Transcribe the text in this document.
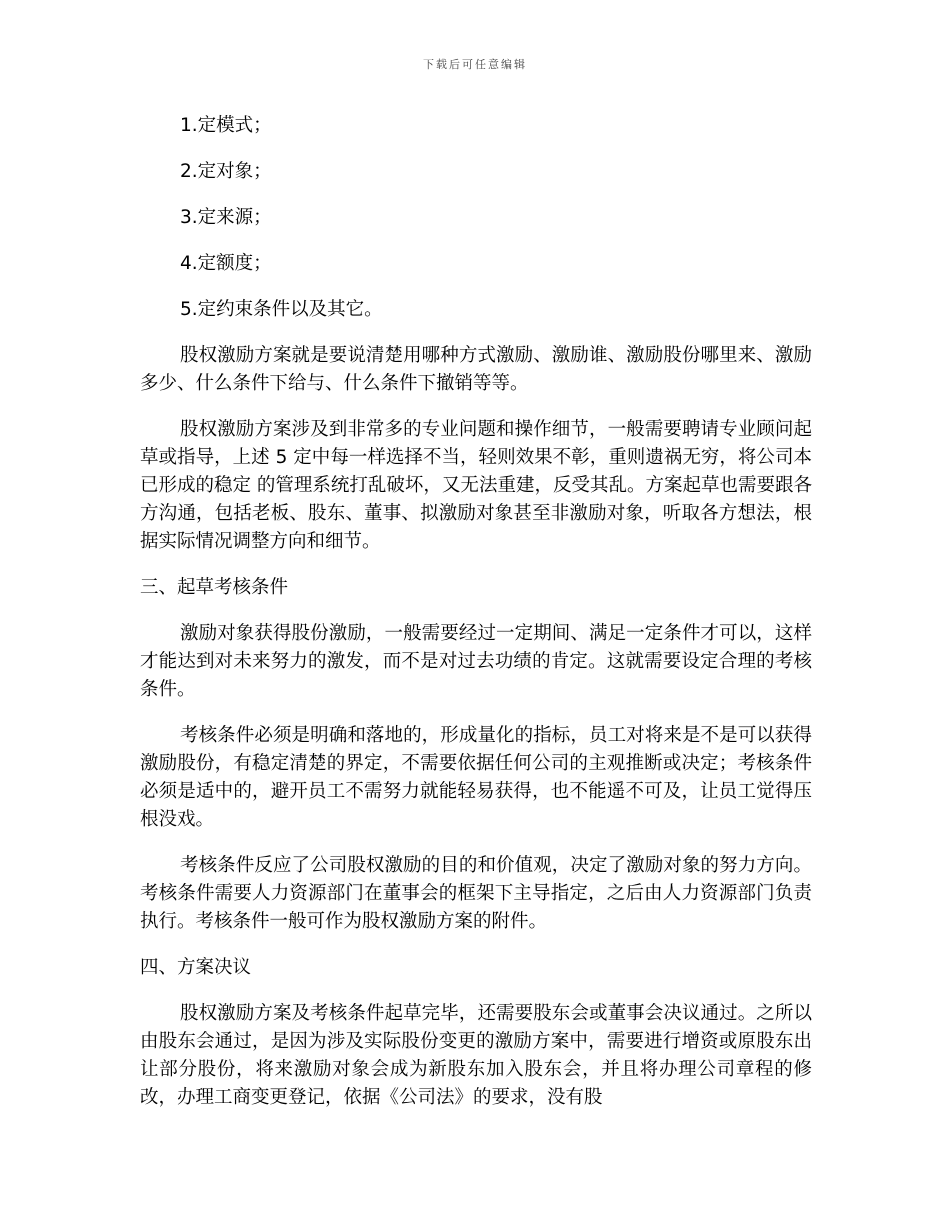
下载后可任意编辑
1.定模式；
2.定对象；
3.定来源；
4.定额度；
5.定约束条件以及其它。

股权激励方案就是要说清楚用哪种方式激励、激励谁、激励股份哪里来、激励多少、什么条件下给与、什么条件下撤销等等。

股权激励方案涉及到非常多的专业问题和操作细节，一般需要聘请专业顾问起草或指导，上述 5 定中每一样选择不当，轻则效果不彰，重则遗祸无穷，将公司本已形成的稳定 的管理系统打乱破坏，又无法重建，反受其乱。方案起草也需要跟各方沟通，包括老板、股东、董事、拟激励对象甚至非激励对象，听取各方想法，根据实际情况调整方向和细节。

三、起草考核条件

激励对象获得股份激励，一般需要经过一定期间、满足一定条件才可以，这样才能达到对未来努力的激发，而不是对过去功绩的肯定。这就需要设定合理的考核条件。

考核条件必须是明确和落地的，形成量化的指标，员工对将来是不是可以获得激励股份，有稳定清楚的界定，不需要依据任何公司的主观推断或决定；考核条件必须是适中的，避开员工不需努力就能轻易获得，也不能遥不可及，让员工觉得压根没戏。

考核条件反应了公司股权激励的目的和价值观，决定了激励对象的努力方向。考核条件需要人力资源部门在董事会的框架下主导指定，之后由人力资源部门负责执行。考核条件一般可作为股权激励方案的附件。

四、方案决议

股权激励方案及考核条件起草完毕，还需要股东会或董事会决议通过。之所以由股东会通过，是因为涉及实际股份变更的激励方案中，需要进行增资或原股东出让部分股份，将来激励对象会成为新股东加入股东会，并且将办理公司章程的修改，办理工商变更登记，依据《公司法》的要求，没有股
